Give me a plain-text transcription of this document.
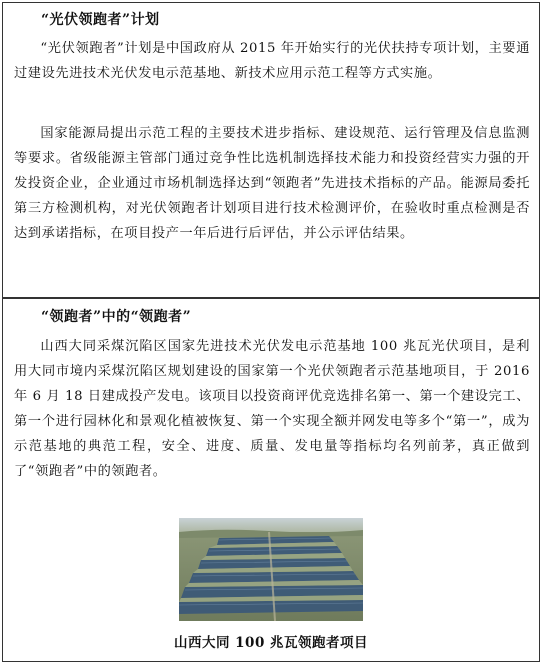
“光伏领跑者”计划

“光伏领跑者”计划是中国政府从 2015 年开始实行的光伏扶持专项计划，主要通过建设先进技术光伏发电示范基地、新技术应用示范工程等方式实施。

国家能源局提出示范工程的主要技术进步指标、建设规范、运行管理及信息监测等要求。省级能源主管部门通过竞争性比选机制选择技术能力和投资经营实力强的开发投资企业，企业通过市场机制选择达到“领跑者”先进技术指标的产品。能源局委托第三方检测机构，对光伏领跑者计划项目进行技术检测评价，在验收时重点检测是否达到承诺指标，在项目投产一年后进行后评估，并公示评估结果。

“领跑者”中的“领跑者”

山西大同采煤沉陷区国家先进技术光伏发电示范基地 100 兆瓦光伏项目，是利用大同市境内采煤沉陷区规划建设的国家第一个光伏领跑者示范基地项目，于 2016 年 6 月 18 日建成投产发电。该项目以投资商评优竞选排名第一、第一个建设完工、第一个进行园林化和景观化植被恢复、第一个实现全额并网发电等多个“第一”，成为示范基地的典范工程，安全、进度、质量、发电量等指标均名列前茅，真正做到了“领跑者”中的领跑者。

山西大同 100 兆瓦领跑者项目
